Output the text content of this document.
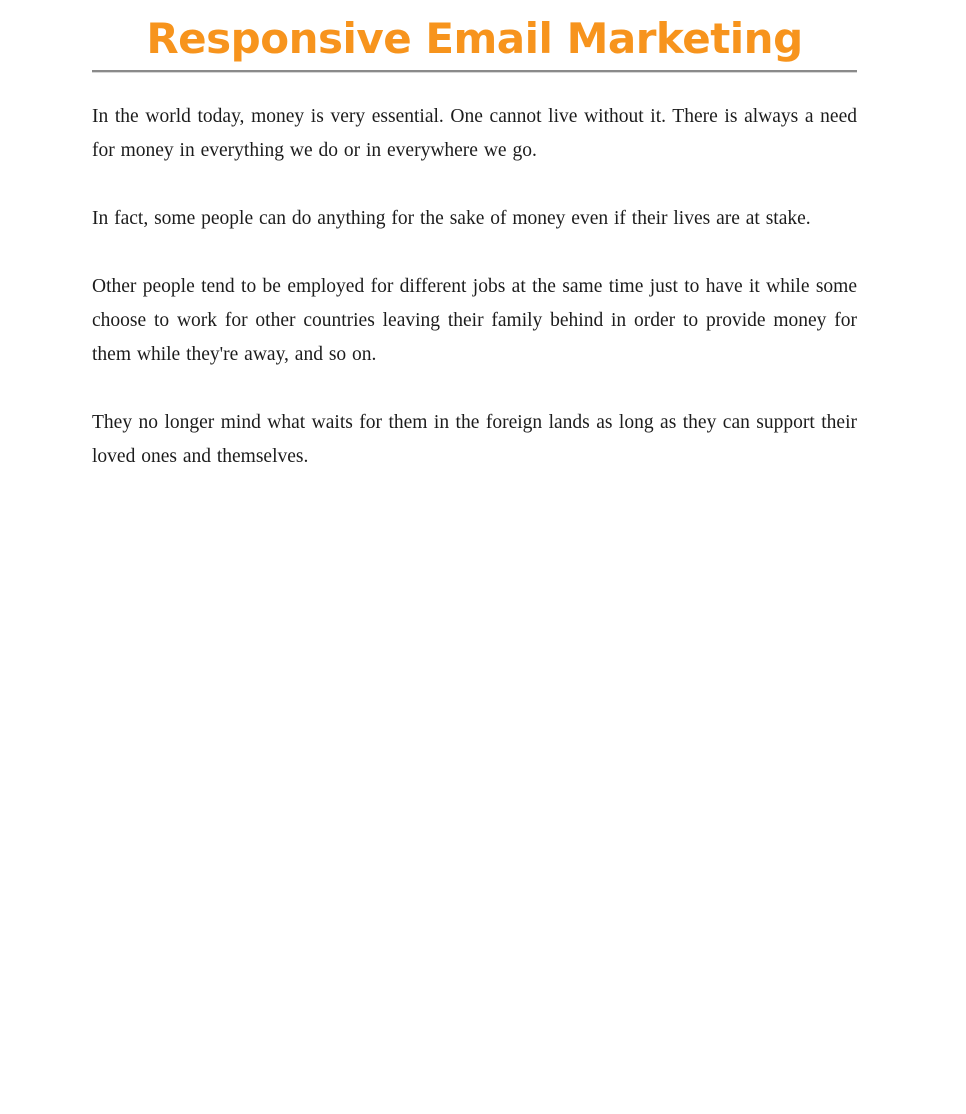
Responsive Email Marketing

In the world today, money is very essential. One cannot live without it. There is always a need for money in everything we do or in everywhere we go.

In fact, some people can do anything for the sake of money even if their lives are at stake.

Other people tend to be employed for different jobs at the same time just to have it while some choose to work for other countries leaving their family behind in order to provide money for them while they're away, and so on.

They no longer mind what waits for them in the foreign lands as long as they can support their loved ones and themselves.
